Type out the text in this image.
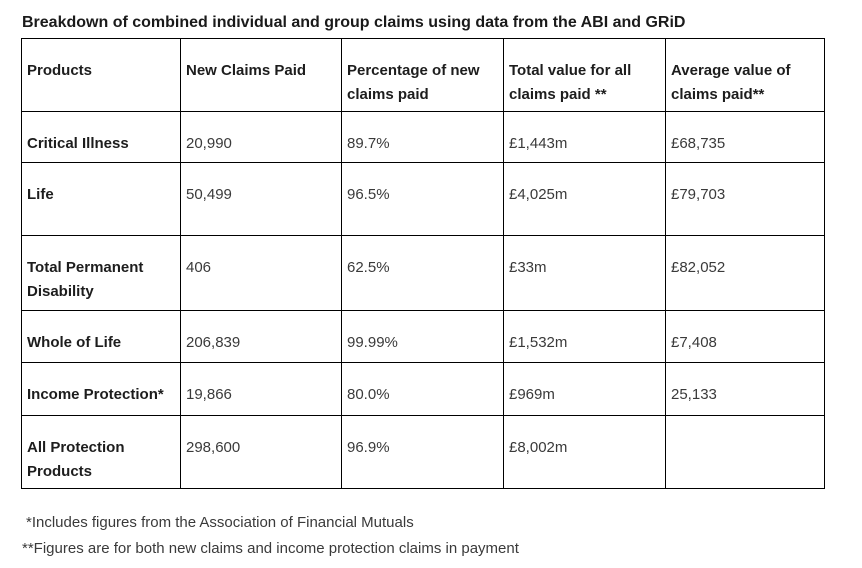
Breakdown of combined individual and group claims using data from the ABI and GRiD
Products	New Claims Paid	Percentage of new claims paid	Total value for all claims paid **	Average value of claims paid**
Critical Illness	20,990	89.7%	£1,443m	£68,735
Life	50,499	96.5%	£4,025m	£79,703
Total Permanent Disability	406	62.5%	£33m	£82,052
Whole of Life	206,839	99.99%	£1,532m	£7,408
Income Protection*	19,866	80.0%	£969m	25,133
All Protection Products	298,600	96.9%	£8,002m	
*Includes figures from the Association of Financial Mutuals
**Figures are for both new claims and income protection claims in payment
